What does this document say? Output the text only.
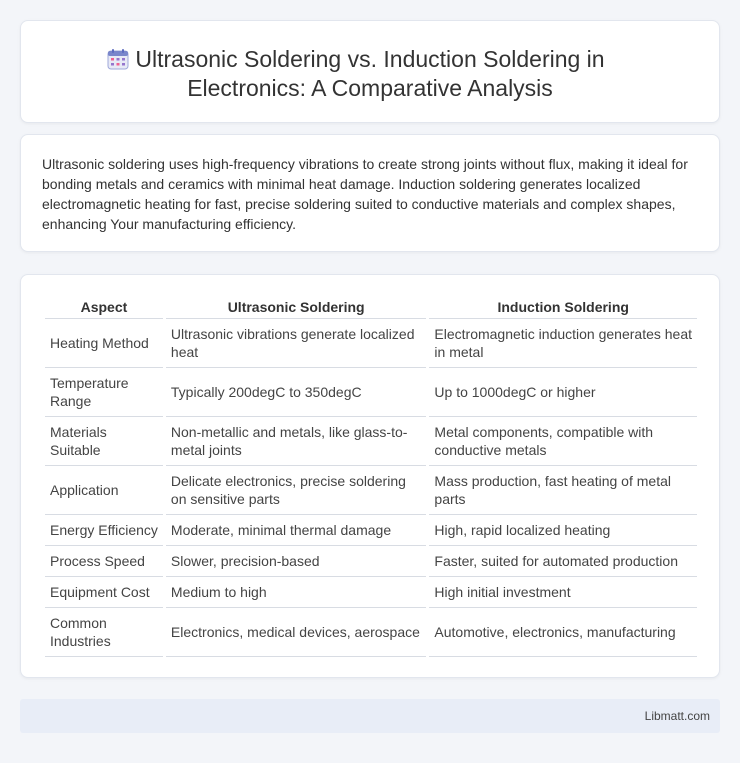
Ultrasonic Soldering vs. Induction Soldering in
Electronics: A Comparative Analysis

Ultrasonic soldering uses high-frequency vibrations to create strong joints without flux, making it ideal for bonding metals and ceramics with minimal heat damage. Induction soldering generates localized electromagnetic heating for fast, precise soldering suited to conductive materials and complex shapes, enhancing Your manufacturing efficiency.

Aspect	Ultrasonic Soldering	Induction Soldering
Heating Method	Ultrasonic vibrations generate localized heat	Electromagnetic induction generates heat in metal
Temperature Range	Typically 200degC to 350degC	Up to 1000degC or higher
Materials Suitable	Non-metallic and metals, like glass-to-metal joints	Metal components, compatible with conductive metals
Application	Delicate electronics, precise soldering on sensitive parts	Mass production, fast heating of metal parts
Energy Efficiency	Moderate, minimal thermal damage	High, rapid localized heating
Process Speed	Slower, precision-based	Faster, suited for automated production
Equipment Cost	Medium to high	High initial investment
Common Industries	Electronics, medical devices, aerospace	Automotive, electronics, manufacturing
Libmatt.com
